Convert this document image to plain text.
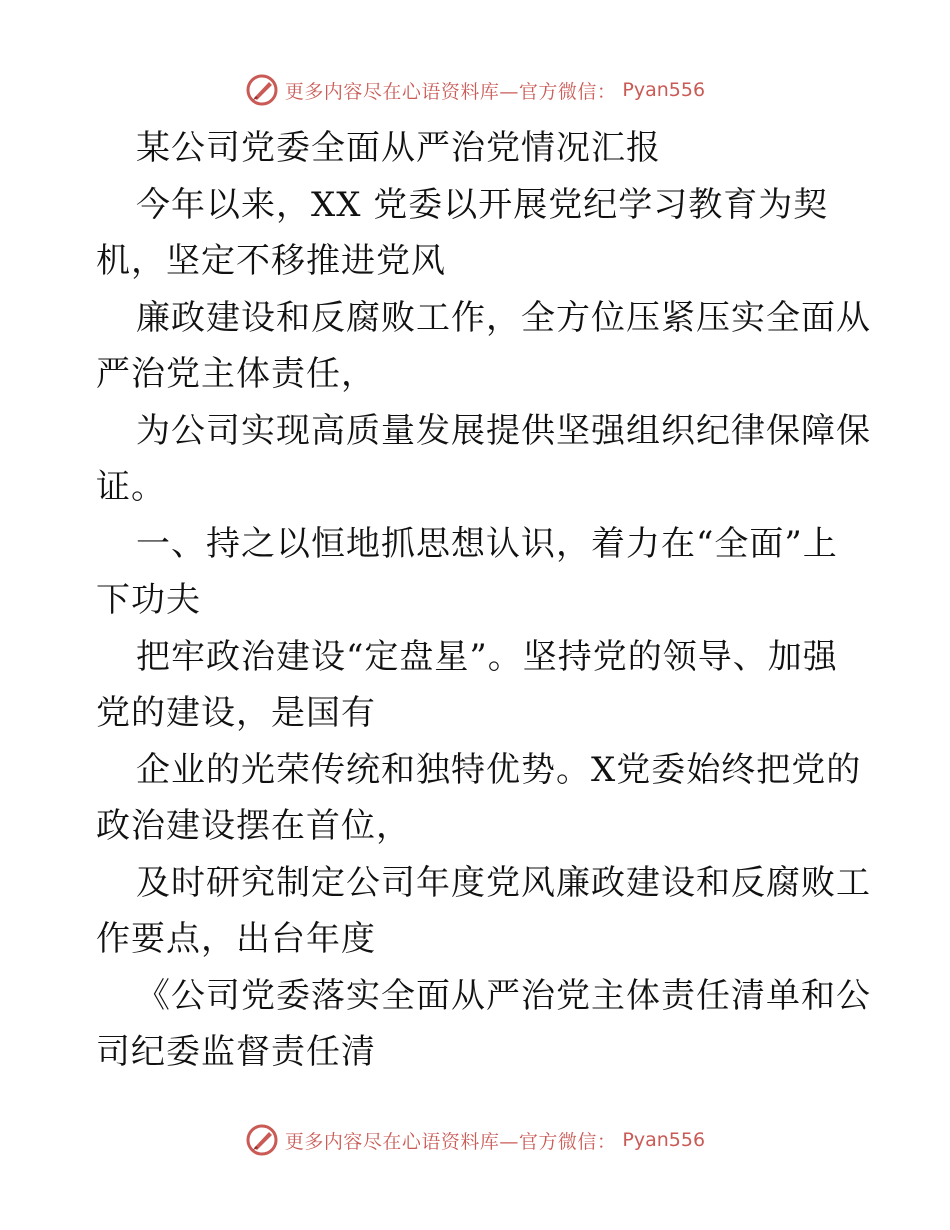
更多内容尽在心语资料库—官方微信： Pyan556
某公司党委全面从严治党情况汇报
今年以来，XX 党委以开展党纪学习教育为契
机，坚定不移推进党风
廉政建设和反腐败工作，全方位压紧压实全面从
严治党主体责任，
为公司实现高质量发展提供坚强组织纪律保障保
证。
一、持之以恒地抓思想认识，着力在“全面”上
下功夫
把牢政治建设“定盘星”。坚持党的领导、加强
党的建设，是国有
企业的光荣传统和独特优势。X党委始终把党的
政治建设摆在首位，
及时研究制定公司年度党风廉政建设和反腐败工
作要点，出台年度
《公司党委落实全面从严治党主体责任清单和公
司纪委监督责任清
更多内容尽在心语资料库—官方微信： Pyan556
